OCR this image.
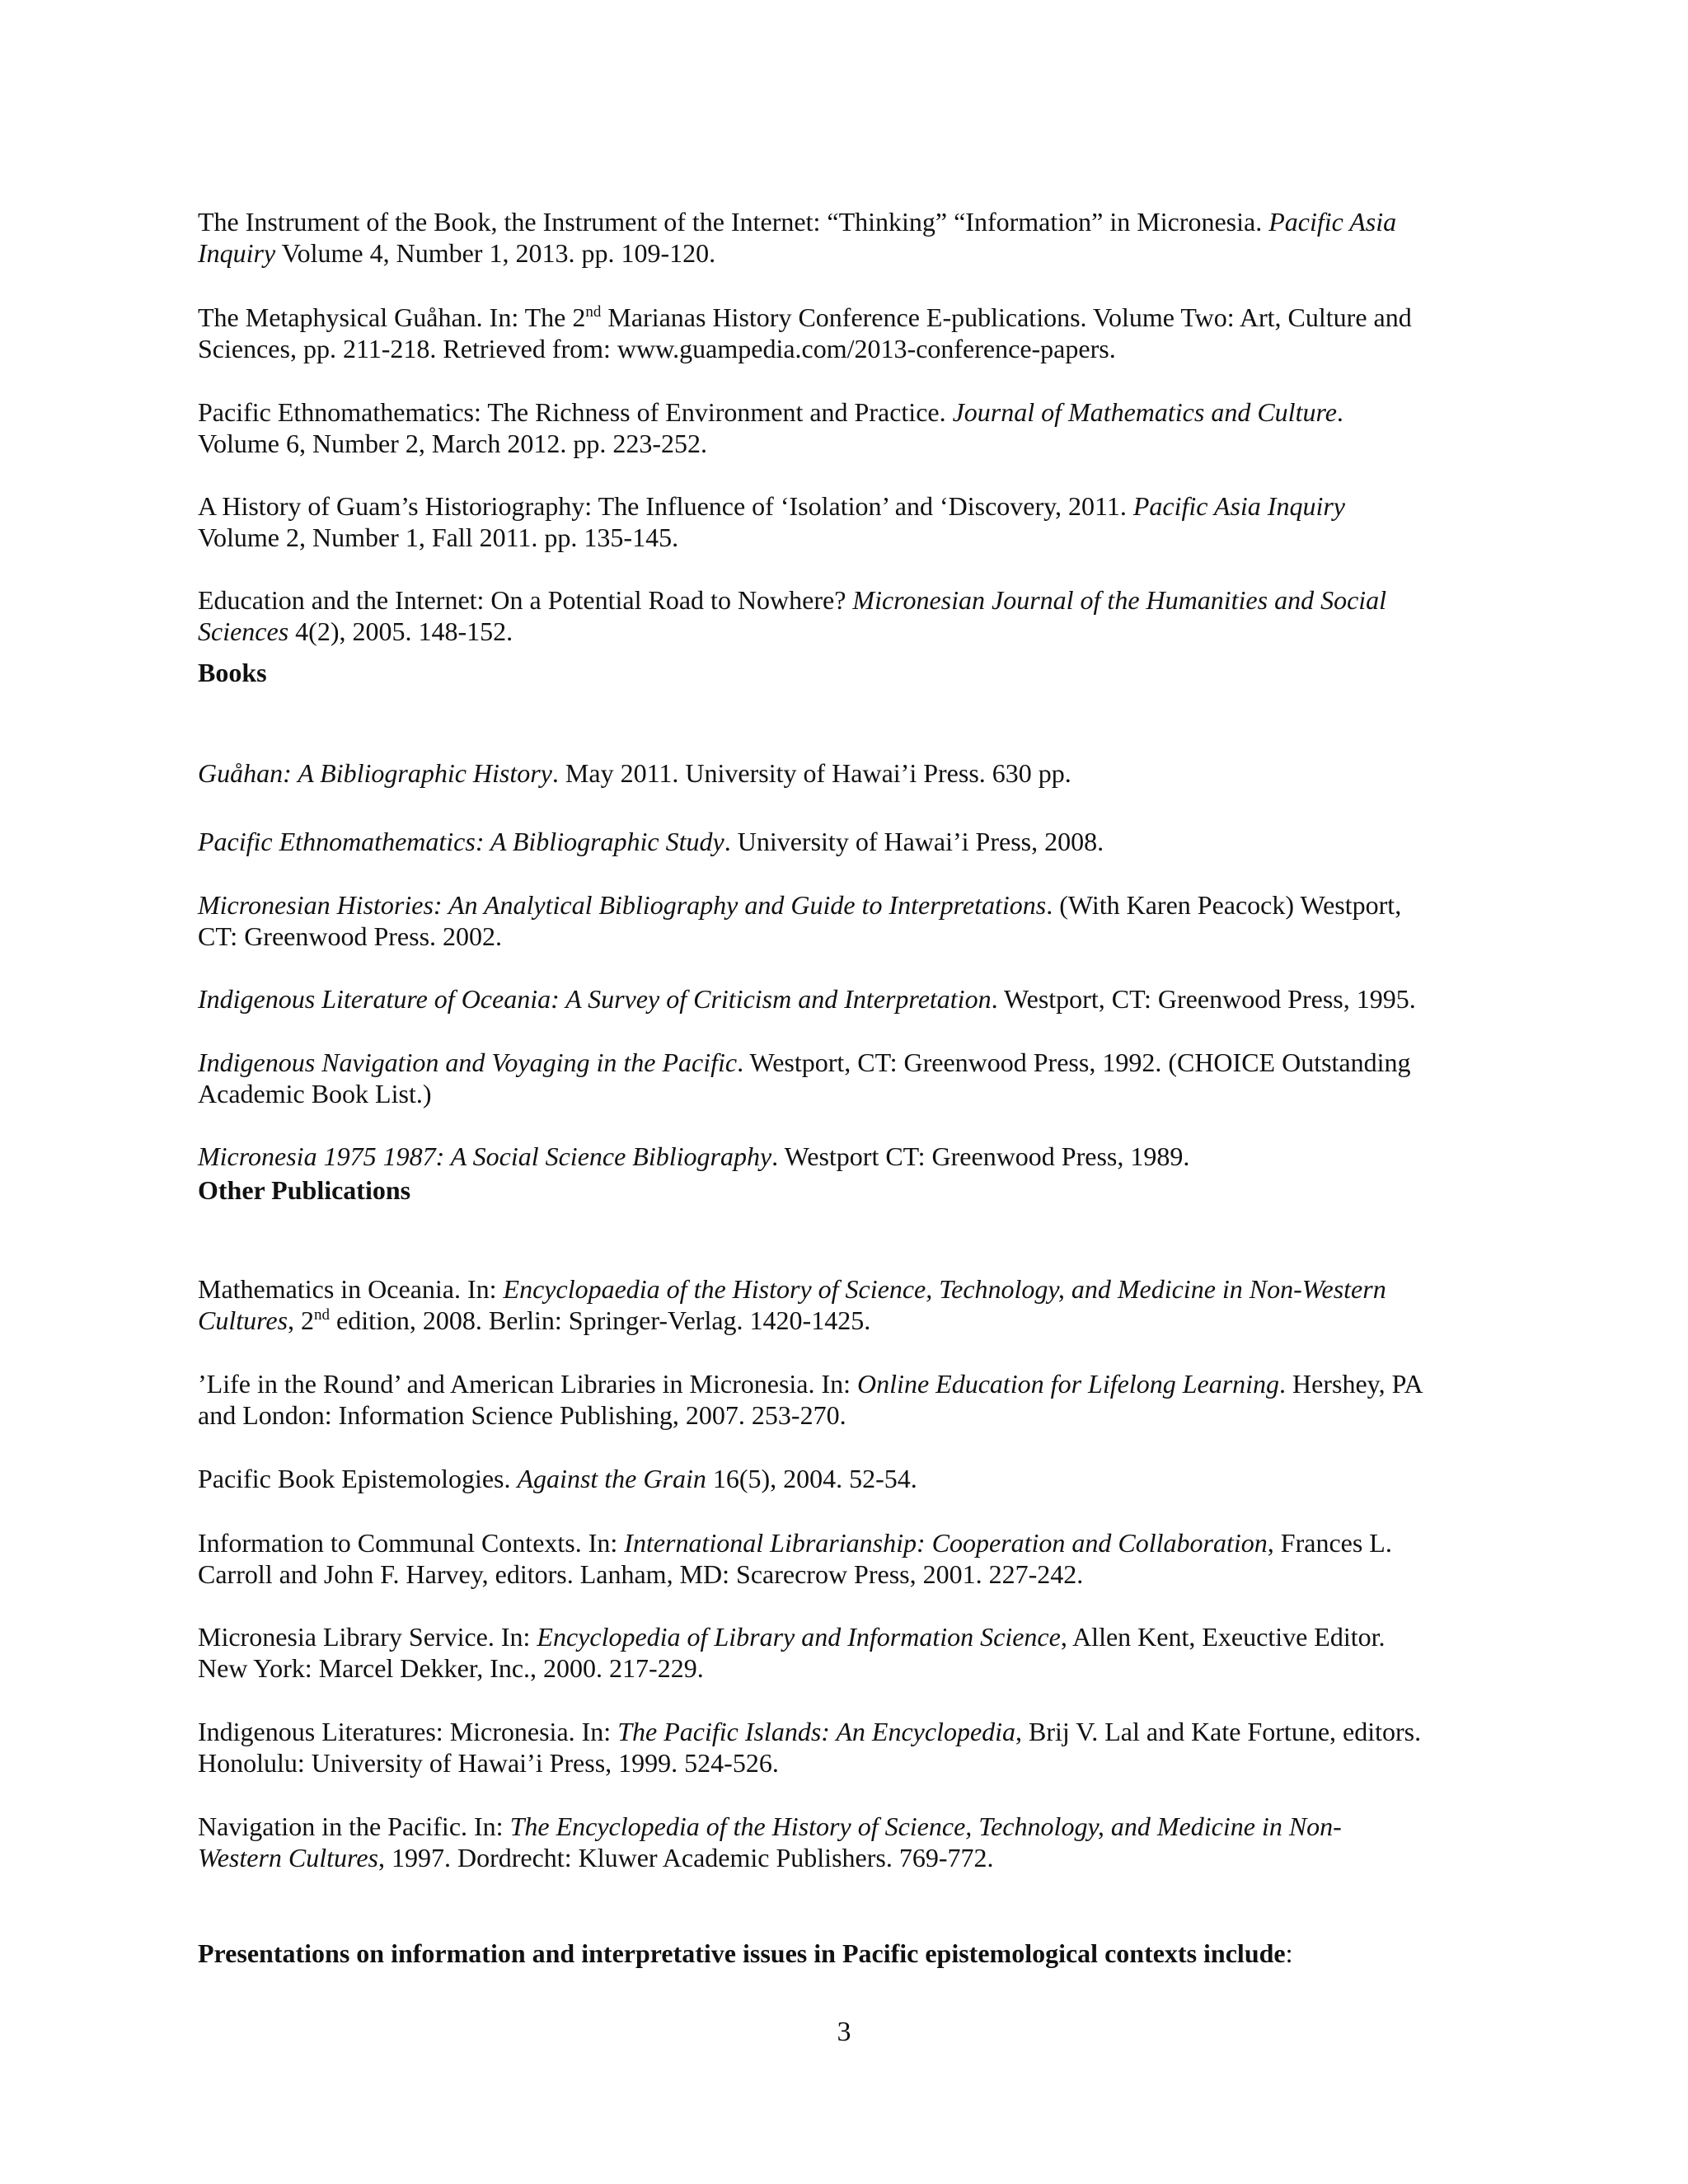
The Instrument of the Book, the Instrument of the Internet: “Thinking” “Information” in Micronesia. Pacific Asia
Inquiry Volume 4, Number 1, 2013. pp. 109-120.

The Metaphysical Guåhan. In: The 2nd Marianas History Conference E-publications. Volume Two: Art, Culture and
Sciences, pp. 211-218. Retrieved from: www.guampedia.com/2013-conference-papers.

Pacific Ethnomathematics: The Richness of Environment and Practice. Journal of Mathematics and Culture.
Volume 6, Number 2, March 2012. pp. 223-252.

A History of Guam’s Historiography: The Influence of ‘Isolation’ and ‘Discovery, 2011. Pacific Asia Inquiry
Volume 2, Number 1, Fall 2011. pp. 135-145.

Education and the Internet: On a Potential Road to Nowhere? Micronesian Journal of the Humanities and Social
Sciences 4(2), 2005. 148-152.

Books

Guåhan: A Bibliographic History. May 2011. University of Hawai’i Press. 630 pp.

Pacific Ethnomathematics: A Bibliographic Study. University of Hawai’i Press, 2008.

Micronesian Histories: An Analytical Bibliography and Guide to Interpretations. (With Karen Peacock) Westport,
CT: Greenwood Press. 2002.

Indigenous Literature of Oceania: A Survey of Criticism and Interpretation. Westport, CT: Greenwood Press, 1995.

Indigenous Navigation and Voyaging in the Pacific. Westport, CT: Greenwood Press, 1992. (CHOICE Outstanding
Academic Book List.)

Micronesia 1975 1987: A Social Science Bibliography. Westport CT: Greenwood Press, 1989.

Other Publications

Mathematics in Oceania. In: Encyclopaedia of the History of Science, Technology, and Medicine in Non-Western
Cultures, 2nd edition, 2008. Berlin: Springer-Verlag. 1420-1425.

’Life in the Round’ and American Libraries in Micronesia. In: Online Education for Lifelong Learning. Hershey, PA
and London: Information Science Publishing, 2007. 253-270.

Pacific Book Epistemologies. Against the Grain 16(5), 2004. 52-54.

Information to Communal Contexts. In: International Librarianship: Cooperation and Collaboration, Frances L.
Carroll and John F. Harvey, editors. Lanham, MD: Scarecrow Press, 2001. 227-242.

Micronesia Library Service. In: Encyclopedia of Library and Information Science, Allen Kent, Exeuctive Editor.
New York: Marcel Dekker, Inc., 2000. 217-229.

Indigenous Literatures: Micronesia. In: The Pacific Islands: An Encyclopedia, Brij V. Lal and Kate Fortune, editors.
Honolulu: University of Hawai’i Press, 1999. 524-526.

Navigation in the Pacific. In: The Encyclopedia of the History of Science, Technology, and Medicine in Non-
Western Cultures, 1997. Dordrecht: Kluwer Academic Publishers. 769-772.

Presentations on information and interpretative issues in Pacific epistemological contexts include:

3
